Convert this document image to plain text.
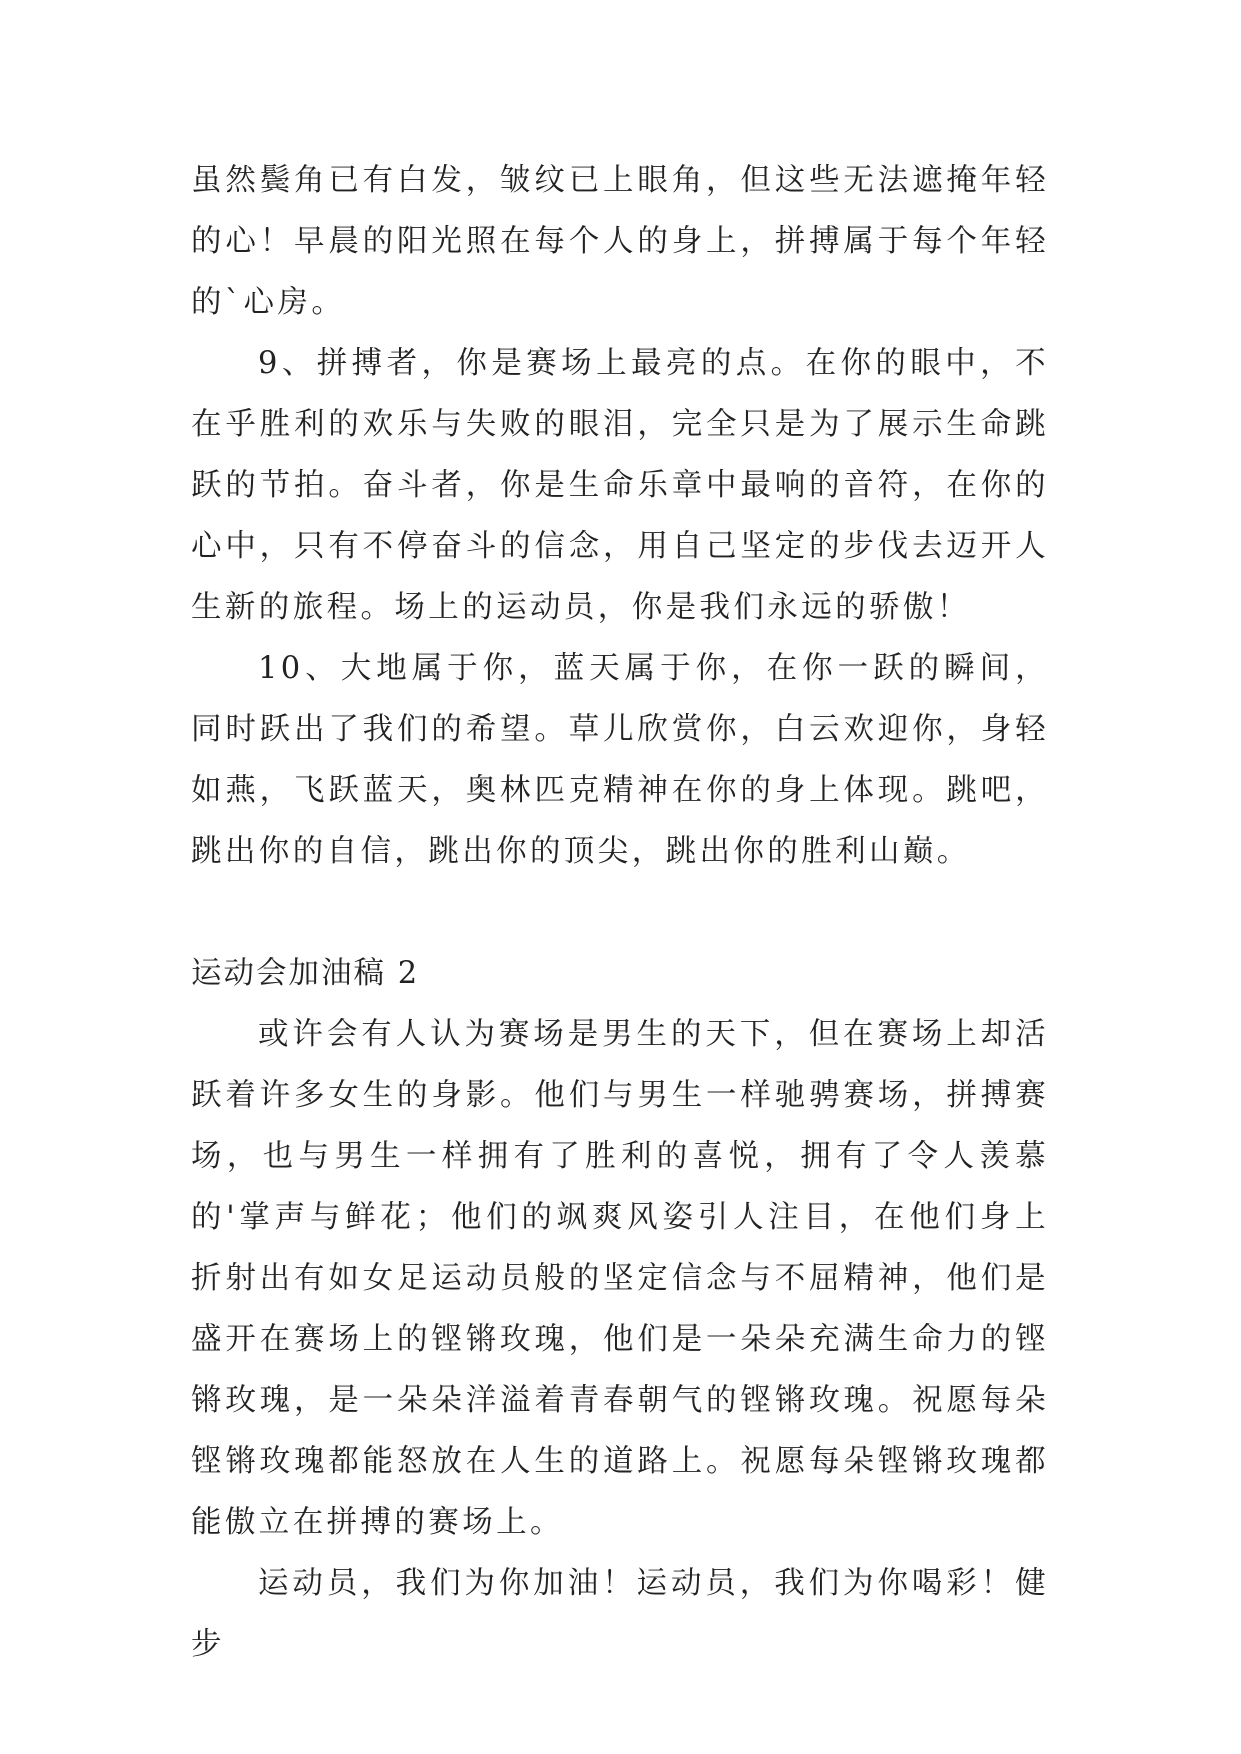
虽然鬓角已有白发，皱纹已上眼角，但这些无法遮掩年轻的心！早晨的阳光照在每个人的身上，拼搏属于每个年轻的`心房。

9、拼搏者，你是赛场上最亮的点。在你的眼中，不在乎胜利的欢乐与失败的眼泪，完全只是为了展示生命跳跃的节拍。奋斗者，你是生命乐章中最响的音符，在你的心中，只有不停奋斗的信念，用自己坚定的步伐去迈开人生新的旅程。场上的运动员，你是我们永远的骄傲！

10、大地属于你，蓝天属于你，在你一跃的瞬间，同时跃出了我们的希望。草儿欣赏你，白云欢迎你，身轻如燕，飞跃蓝天，奥林匹克精神在你的身上体现。跳吧，跳出你的自信，跳出你的顶尖，跳出你的胜利山巅。

运动会加油稿 2

或许会有人认为赛场是男生的天下，但在赛场上却活跃着许多女生的身影。他们与男生一样驰骋赛场，拼搏赛场，也与男生一样拥有了胜利的喜悦，拥有了令人羡慕的'掌声与鲜花；他们的飒爽风姿引人注目，在他们身上折射出有如女足运动员般的坚定信念与不屈精神，他们是盛开在赛场上的铿锵玫瑰，他们是一朵朵充满生命力的铿锵玫瑰，是一朵朵洋溢着青春朝气的铿锵玫瑰。祝愿每朵铿锵玫瑰都能怒放在人生的道路上。祝愿每朵铿锵玫瑰都能傲立在拼搏的赛场上。

运动员，我们为你加油！运动员，我们为你喝彩！健步
